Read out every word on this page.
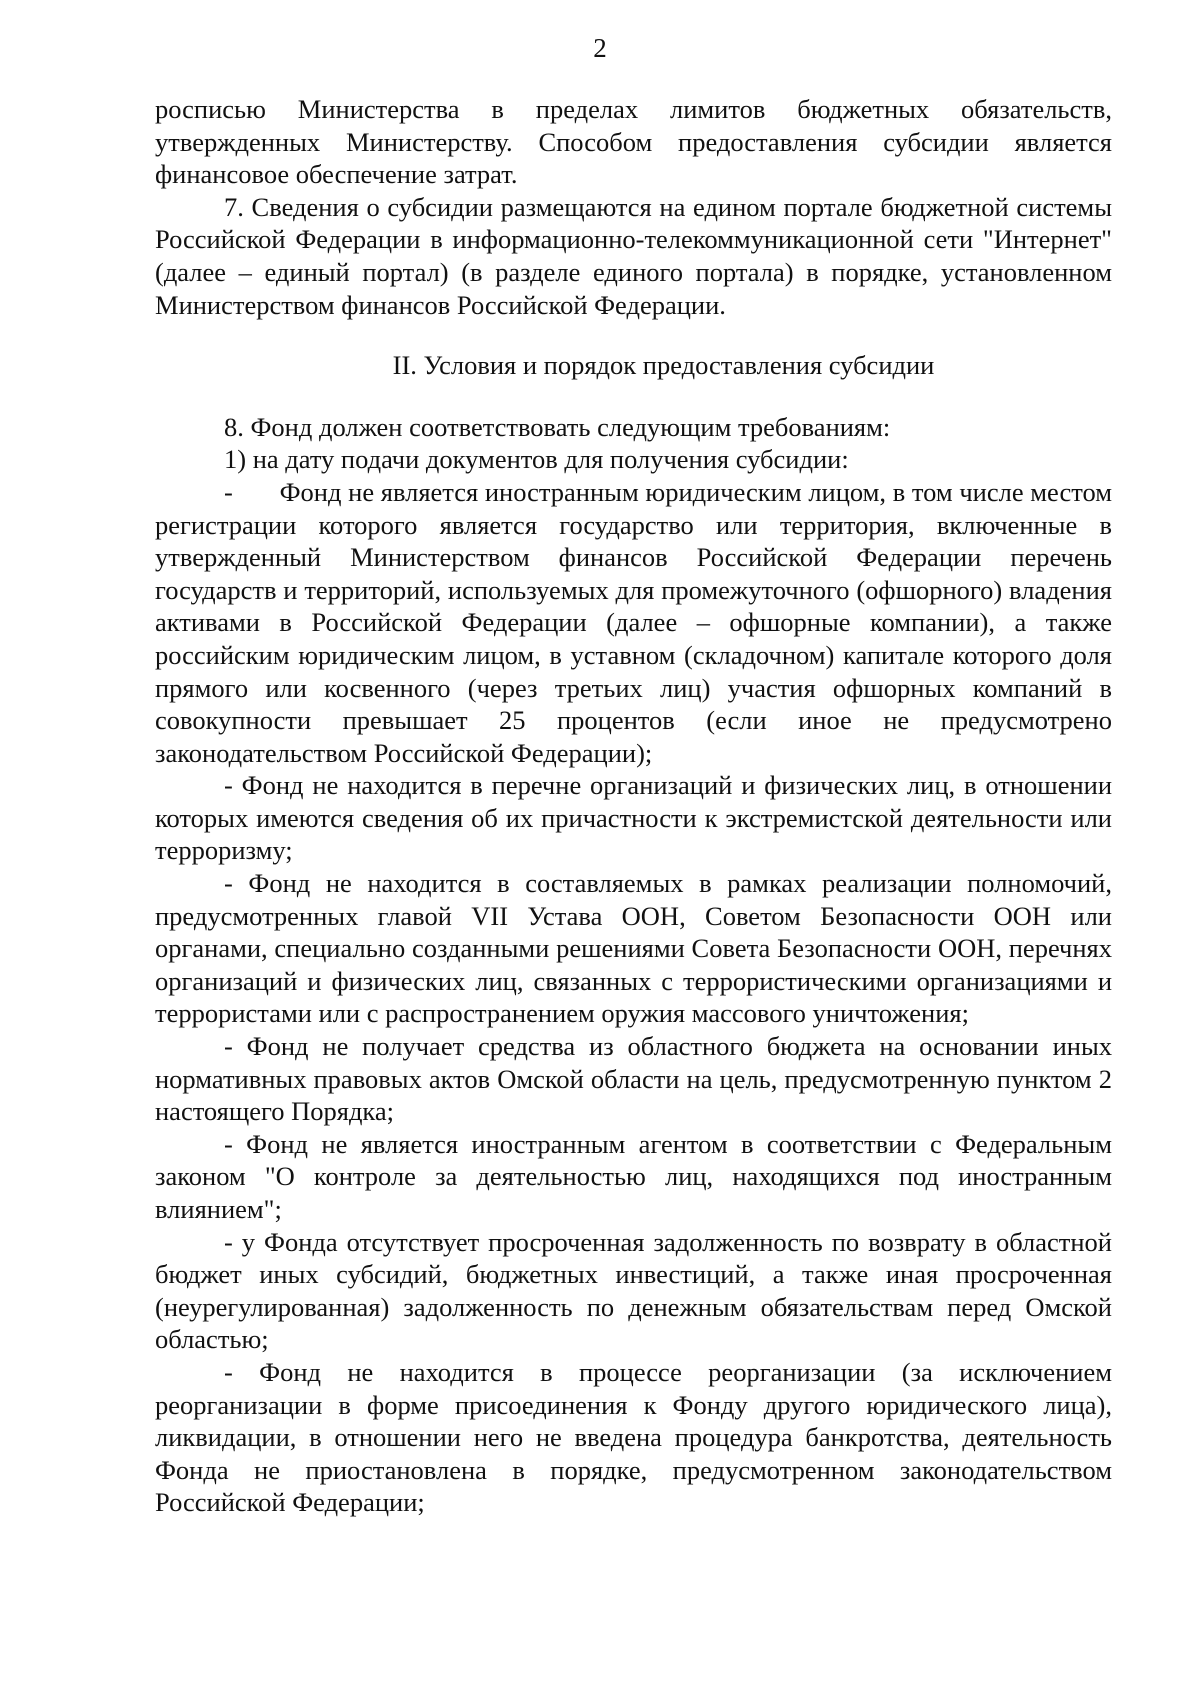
2

росписью Министерства в пределах лимитов бюджетных обязательств, утвержденных Министерству. Способом предоставления субсидии является финансовое обеспечение затрат.

7. Сведения о субсидии размещаются на едином портале бюджетной системы Российской Федерации в информационно-телекоммуникационной сети "Интернет" (далее – единый портал) (в разделе единого портала) в порядке, установленном Министерством финансов Российской Федерации.

II. Условия и порядок предоставления субсидии

8. Фонд должен соответствовать следующим требованиям:

1) на дату подачи документов для получения субсидии:

-       Фонд не является иностранным юридическим лицом, в том числе местом регистрации которого является государство или территория, включенные в утвержденный Министерством финансов Российской Федерации перечень государств и территорий, используемых для промежуточного (офшорного) владения активами в Российской Федерации (далее – офшорные компании), а также российским юридическим лицом, в уставном (складочном) капитале которого доля прямого или косвенного (через третьих лиц) участия офшорных компаний в совокупности превышает 25 процентов (если иное не предусмотрено законодательством Российской Федерации);

- Фонд не находится в перечне организаций и физических лиц, в отношении которых имеются сведения об их причастности к экстремистской деятельности или терроризму;

- Фонд не находится в составляемых в рамках реализации полномочий, предусмотренных главой VII Устава ООН, Советом Безопасности ООН или органами, специально созданными решениями Совета Безопасности ООН, перечнях организаций и физических лиц, связанных с террористическими организациями и террористами или с распространением оружия массового уничтожения;

- Фонд не получает средства из областного бюджета на основании иных нормативных правовых актов Омской области на цель, предусмотренную пунктом 2 настоящего Порядка;

- Фонд не является иностранным агентом в соответствии с Федеральным законом "О контроле за деятельностью лиц, находящихся под иностранным влиянием";

- у Фонда отсутствует просроченная задолженность по возврату в областной бюджет иных субсидий, бюджетных инвестиций, а также иная просроченная (неурегулированная) задолженность по денежным обязательствам перед Омской областью;

- Фонд не находится в процессе реорганизации (за исключением реорганизации в форме присоединения к Фонду другого юридического лица), ликвидации, в отношении него не введена процедура банкротства, деятельность Фонда не приостановлена в порядке, предусмотренном законодательством Российской Федерации;
